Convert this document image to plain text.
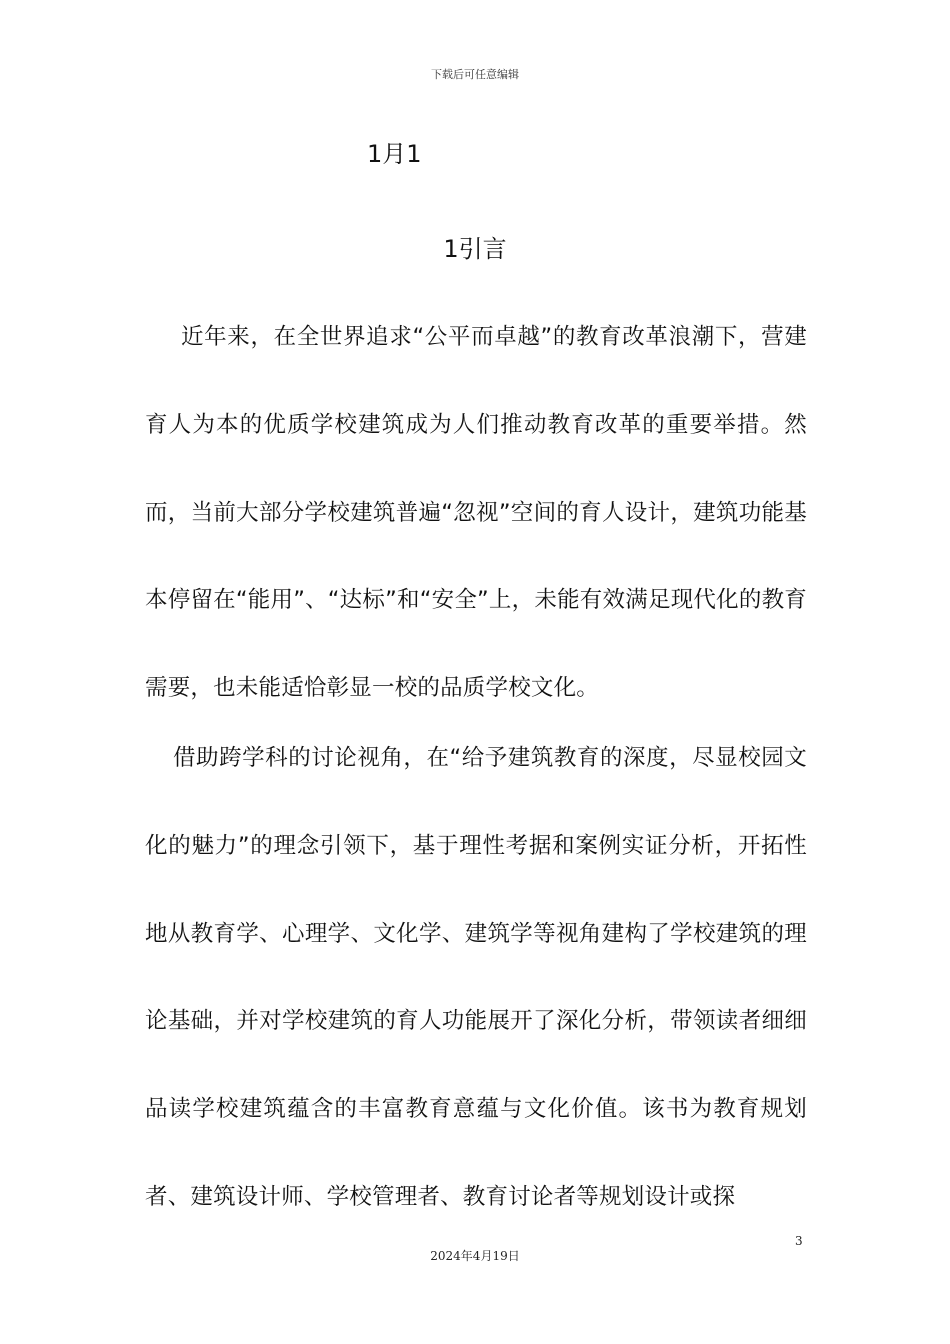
下载后可任意编辑
1月1
1引言

近年来，在全世界追求“公平而卓越”的教育改革浪潮下，营建育人为本的优质学校建筑成为人们推动教育改革的重要举措。然而，当前大部分学校建筑普遍“忽视”空间的育人设计，建筑功能基本停留在“能用”、“达标”和“安全”上，未能有效满足现代化的教育需要，也未能适恰彰显一校的品质学校文化。

借助跨学科的讨论视角，在“给予建筑教育的深度，尽显校园文化的魅力”的理念引领下，基于理性考据和案例实证分析，开拓性地从教育学、心理学、文化学、建筑学等视角建构了学校建筑的理论基础，并对学校建筑的育人功能展开了深化分析，带领读者细细品读学校建筑蕴含的丰富教育意蕴与文化价值。该书为教育规划者、建筑设计师、学校管理者、教育讨论者等规划设计或探

3
2024年4月19日
